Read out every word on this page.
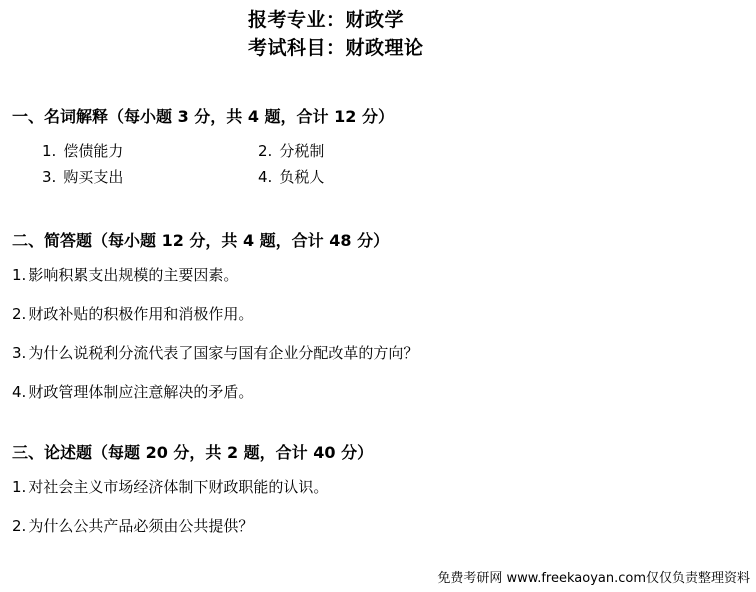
报考专业：财政学
考试科目：财政理论
一、名词解释（每小题 3 分，共 4 题，合计 12 分）
1. 偿债能力	2. 分税制
3. 购买支出	4. 负税人
二、简答题（每小题 12 分，共 4 题，合计 48 分）
1. 影响积累支出规模的主要因素。
2. 财政补贴的积极作用和消极作用。
3. 为什么说税利分流代表了国家与国有企业分配改革的方向？
4. 财政管理体制应注意解决的矛盾。
三、论述题（每题 20 分，共 2 题，合计 40 分）
1. 对社会主义市场经济体制下财政职能的认识。
2. 为什么公共产品必须由公共提供？
免费考研网 www.freekaoyan.com仅仅负责整理资料
